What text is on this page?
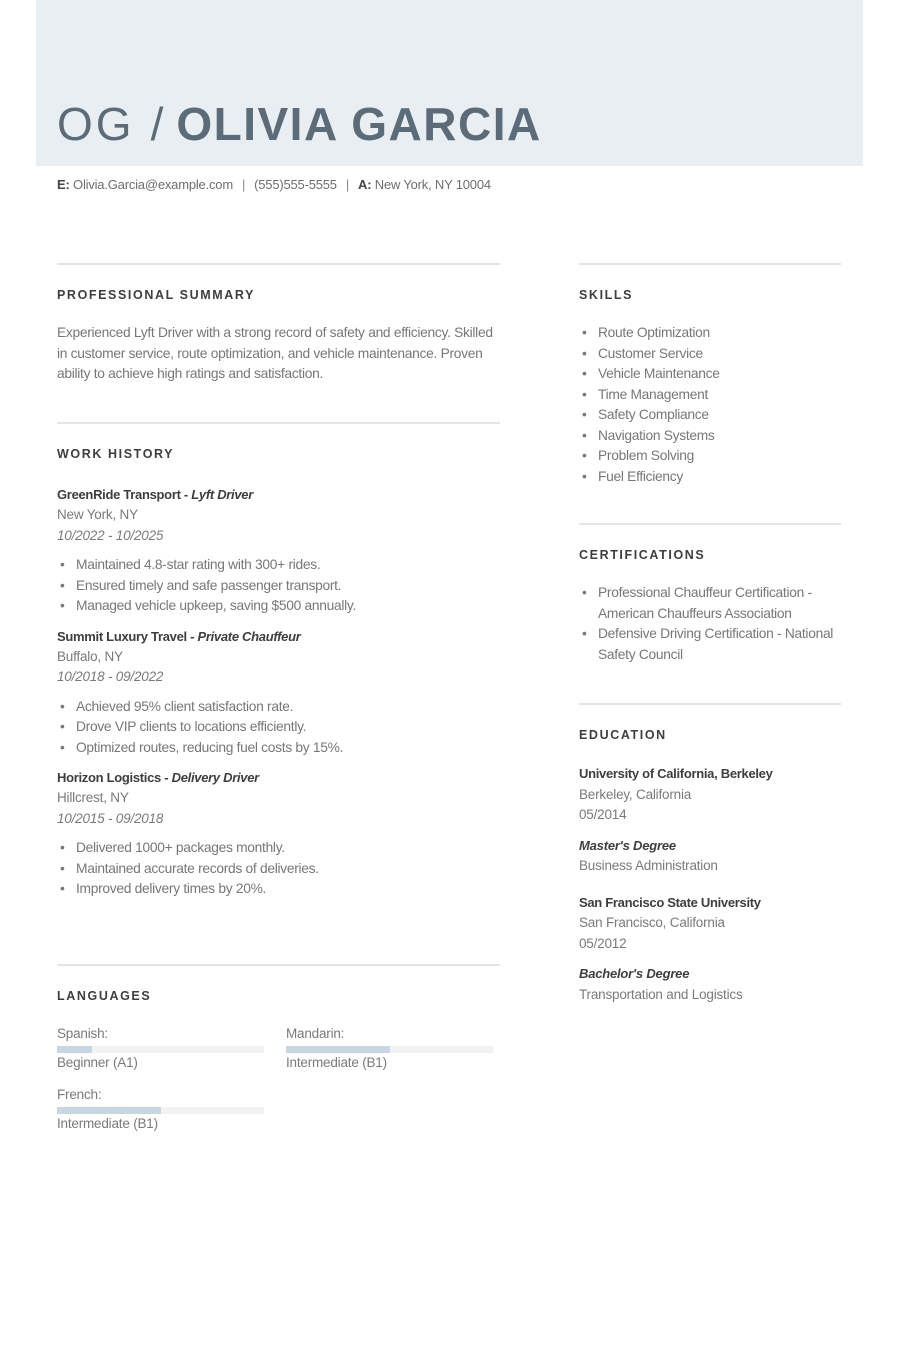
OG / OLIVIA GARCIA
E: Olivia.Garcia@example.com | (555)555-5555 | A: New York, NY 10004
PROFESSIONAL SUMMARY
Experienced Lyft Driver with a strong record of safety and efficiency. Skilled in customer service, route optimization, and vehicle maintenance. Proven ability to achieve high ratings and satisfaction.
WORK HISTORY
GreenRide Transport - Lyft Driver
New York, NY
10/2022 - 10/2025
• Maintained 4.8-star rating with 300+ rides.
• Ensured timely and safe passenger transport.
• Managed vehicle upkeep, saving $500 annually.
Summit Luxury Travel - Private Chauffeur
Buffalo, NY
10/2018 - 09/2022
• Achieved 95% client satisfaction rate.
• Drove VIP clients to locations efficiently.
• Optimized routes, reducing fuel costs by 15%.
Horizon Logistics - Delivery Driver
Hillcrest, NY
10/2015 - 09/2018
• Delivered 1000+ packages monthly.
• Maintained accurate records of deliveries.
• Improved delivery times by 20%.
LANGUAGES
Spanish:
Beginner (A1)
Mandarin:
Intermediate (B1)
French:
Intermediate (B1)
SKILLS
• Route Optimization
• Customer Service
• Vehicle Maintenance
• Time Management
• Safety Compliance
• Navigation Systems
• Problem Solving
• Fuel Efficiency
CERTIFICATIONS
• Professional Chauffeur Certification - American Chauffeurs Association
• Defensive Driving Certification - National Safety Council
EDUCATION
University of California, Berkeley
Berkeley, California
05/2014
Master's Degree
Business Administration
San Francisco State University
San Francisco, California
05/2012
Bachelor's Degree
Transportation and Logistics
